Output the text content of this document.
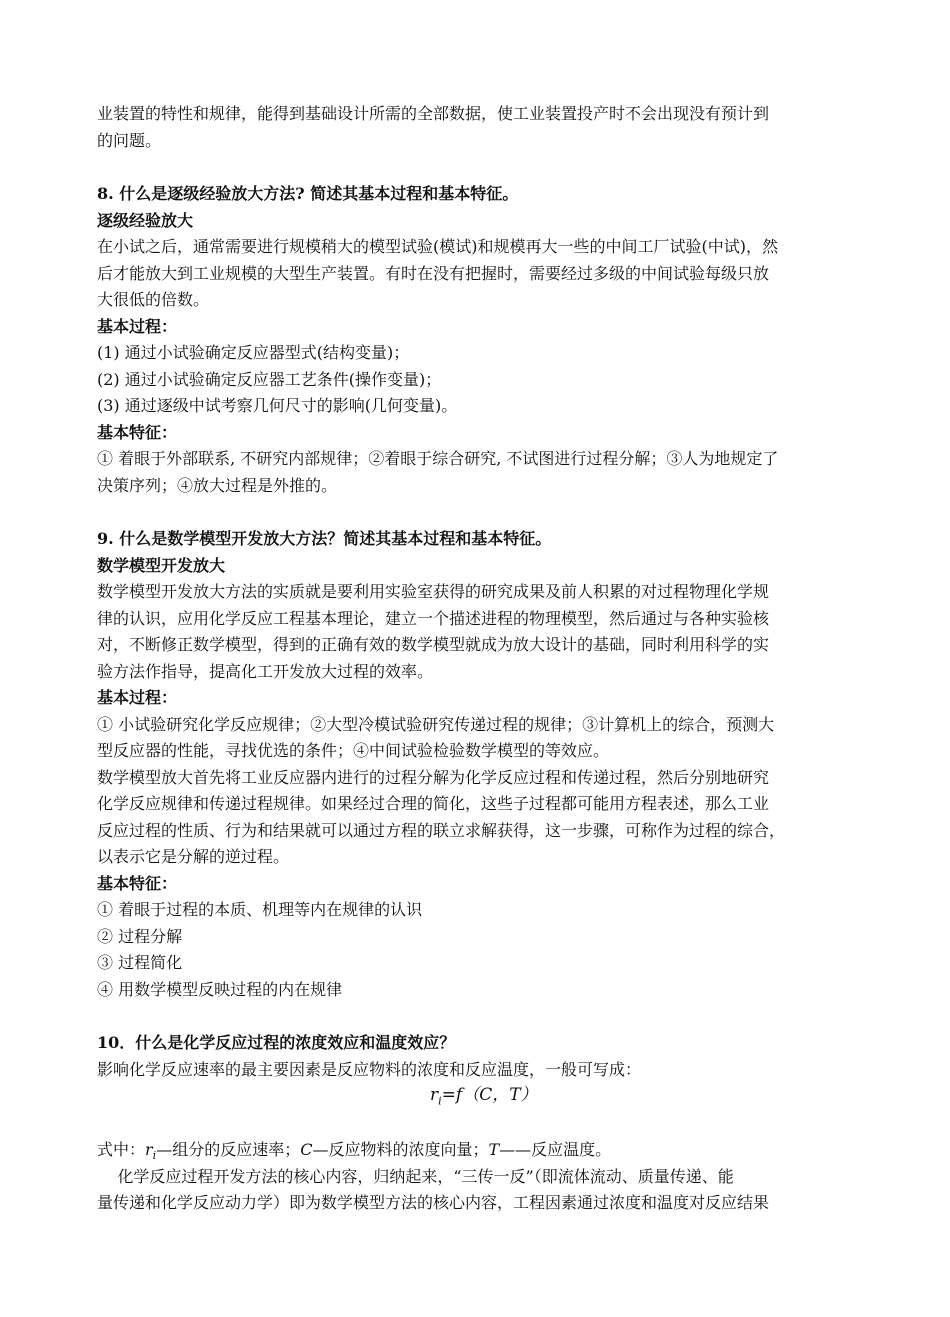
业装置的特性和规律，能得到基础设计所需的全部数据，使工业装置投产时不会出现没有预计到
的问题。
8. 什么是逐级经验放大方法? 简述其基本过程和基本特征。
逐级经验放大
在小试之后，通常需要进行规模稍大的模型试验(模试)和规模再大一些的中间工厂试验(中试)，然
后才能放大到工业规模的大型生产装置。有时在没有把握时，需要经过多级的中间试验每级只放
大很低的倍数。
基本过程：
(1) 通过小试验确定反应器型式(结构变量)；
(2) 通过小试验确定反应器工艺条件(操作变量)；
(3) 通过逐级中试考察几何尺寸的影响(几何变量)。
基本特征：
① 着眼于外部联系, 不研究内部规律；②着眼于综合研究, 不试图进行过程分解；③人为地规定了
决策序列；④放大过程是外推的。
9. 什么是数学模型开发放大方法？简述其基本过程和基本特征。
数学模型开发放大
数学模型开发放大方法的实质就是要利用实验室获得的研究成果及前人积累的对过程物理化学规
律的认识，应用化学反应工程基本理论，建立一个描述进程的物理模型，然后通过与各种实验核
对，不断修正数学模型，得到的正确有效的数学模型就成为放大设计的基础，同时利用科学的实
验方法作指导，提高化工开发放大过程的效率。
基本过程：
① 小试验研究化学反应规律；②大型冷模试验研究传递过程的规律；③计算机上的综合，预测大
型反应器的性能，寻找优选的条件；④中间试验检验数学模型的等效应。
数学模型放大首先将工业反应器内进行的过程分解为化学反应过程和传递过程，然后分别地研究
化学反应规律和传递过程规律。如果经过合理的简化，这些子过程都可能用方程表述，那么工业
反应过程的性质、行为和结果就可以通过方程的联立求解获得，这一步骤，可称作为过程的综合，
以表示它是分解的逆过程。
基本特征：
① 着眼于过程的本质、机理等内在规律的认识
② 过程分解
③ 过程简化
④ 用数学模型反映过程的内在规律
10．什么是化学反应过程的浓度效应和温度效应？
影响化学反应速率的最主要因素是反应物料的浓度和反应温度，一般可写成：
$r_i=f(C$，T）
式中：$r_i—$组分的反应速率；C—反应物料的浓度向量；T——反应温度。
化学反应过程开发方法的核心内容，归纳起来，“三传一反”（即流体流动、质量传递、能
量传递和化学反应动力学）即为数学模型方法的核心内容，工程因素通过浓度和温度对反应结果
